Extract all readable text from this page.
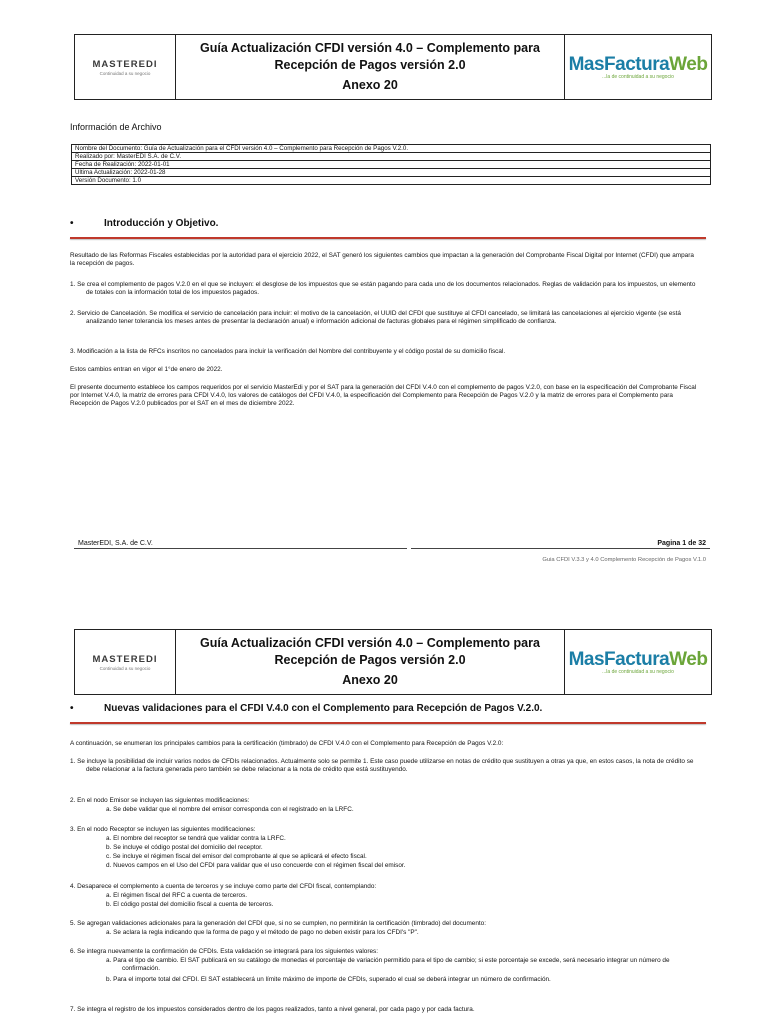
MASTEREDI
Continuidad a su negocio
Guía Actualización CFDI versión 4.0 – Complemento para
Recepción de Pagos versión 2.0
Anexo 20
MasFacturaWeb
...la de continuidad a su negocio
Información de Archivo
Nombre del Documento: Guía de Actualización para el CFDI versión 4.0 – Complemento para Recepción de Pagos V.2.0.
Realizado por: MasterEDI S.A. de C.V.
Fecha de Realización: 2022-01-01
Última Actualización: 2022-01-28
Versión Documento: 1.0
•	Introducción y Objetivo.
Resultado de las Reformas Fiscales establecidas por la autoridad para el ejercicio 2022, el SAT generó los siguientes cambios que impactan a la generación del Comprobante Fiscal Digital por Internet (CFDI) que ampara la recepción de pagos.
1. Se crea el complemento de pagos V.2.0 en el que se incluyen: el desglose de los impuestos que se están pagando para cada uno de los documentos relacionados. Reglas de validación para los impuestos, un elemento de totales con la información total de los impuestos pagados.
2. Servicio de Cancelación. Se modifica el servicio de cancelación para incluir: el motivo de la cancelación, el UUID del CFDI que sustituye al CFDI cancelado, se limitará las cancelaciones al ejercicio vigente (se está analizando tener tolerancia los meses antes de presentar la declaración anual) e información adicional de facturas globales para el régimen simplificado de confianza.
3. Modificación a la lista de RFCs inscritos no cancelados para incluir la verificación del Nombre del contribuyente y el código postal de su domicilio fiscal.
Estos cambios entran en vigor el 1°de enero de 2022.
El presente documento establece los campos requeridos por el servicio MasterEdi y por el SAT para la generación del CFDI V.4.0 con el complemento de pagos V.2.0, con base en la especificación del Comprobante Fiscal por Internet V.4.0, la matriz de errores para CFDI V.4.0, los valores de catálogos del CFDI V.4.0, la especificación del Complemento para Recepción de Pagos V.2.0 y la matriz de errores para el Complemento para Recepción de Pagos V.2.0 publicados por el SAT en el mes de diciembre 2022.
MasterEDI, S.A. de C.V.	Pagina 1 de 32
Guia CFDI V.3.3 y 4.0 Complemento Recepción de Pagos V.1.0
MASTEREDI
Continuidad a su negocio
Guía Actualización CFDI versión 4.0 – Complemento para
Recepción de Pagos versión 2.0
Anexo 20
MasFacturaWeb
...la de continuidad a su negocio
•	Nuevas validaciones para el CFDI V.4.0 con el Complemento para Recepción de Pagos V.2.0.
A continuación, se enumeran los principales cambios para la certificación (timbrado) de CFDI V.4.0 con el Complemento para Recepción de Pagos V.2.0:
1. Se incluye la posibilidad de incluir varios nodos de CFDIs relacionados. Actualmente solo se permite 1. Este caso puede utilizarse en notas de crédito que sustituyen a otras ya que, en estos casos, la nota de crédito se debe relacionar a la factura generada pero también se debe relacionar a la nota de crédito que está sustituyendo.
2. En el nodo Emisor se incluyen las siguientes modificaciones:
a. Se debe validar que el nombre del emisor corresponda con el registrado en la LRFC.
3. En el nodo Receptor se incluyen las siguientes modificaciones:
a. El nombre del receptor se tendrá que validar contra la LRFC.
b. Se incluye el código postal del domicilio del receptor.
c. Se incluye el régimen fiscal del emisor del comprobante al que se aplicará el efecto fiscal.
d. Nuevos campos en el Uso del CFDI para validar que el uso concuerde con el régimen fiscal del emisor.
4. Desaparece el complemento a cuenta de terceros y se incluye como parte del CFDI fiscal, contemplando:
a. El régimen fiscal del RFC a cuenta de terceros.
b. El código postal del domicilio fiscal a cuenta de terceros.
5. Se agregan validaciones adicionales para la generación del CFDI que, si no se cumplen, no permitirán la certificación (timbrado) del documento:
a. Se aclara la regla indicando que la forma de pago y el método de pago no deben existir para los CFDI's "P".
6. Se integra nuevamente la confirmación de CFDIs. Esta validación se integrará para los siguientes valores:
a. Para el tipo de cambio. El SAT publicará en su catálogo de monedas el porcentaje de variación permitido para el tipo de cambio; si este porcentaje se excede, será necesario integrar un número de confirmación.
b. Para el importe total del CFDI. El SAT establecerá un límite máximo de importe de CFDIs, superado el cual se deberá integrar un número de confirmación.
7. Se integra el registro de los impuestos considerados dentro de los pagos realizados, tanto a nivel general, por cada pago y por cada factura.
